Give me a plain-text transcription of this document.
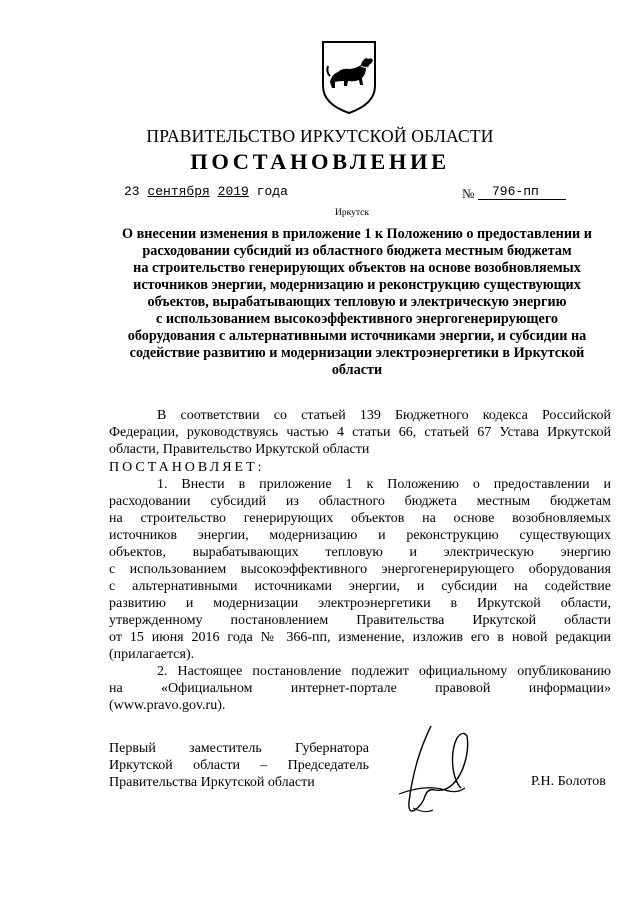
ПРАВИТЕЛЬСТВО ИРКУТСКОЙ ОБЛАСТИ
ПОСТАНОВЛЕНИЕ
23 сентября 2019 года	№	796-пп
Иркутск
О внесении изменения в приложение 1 к Положению о предоставлении и
расходовании субсидий из областного бюджета местным бюджетам
на строительство генерирующих объектов на основе возобновляемых
источников энергии, модернизацию и реконструкцию существующих
объектов, вырабатывающих тепловую и электрическую энергию
с использованием высокоэффективного энергогенерирующего
оборудования с альтернативными источниками энергии, и субсидии на
содействие развитию и модернизации электроэнергетики в Иркутской
области
В соответствии со статьей 139 Бюджетного кодекса Российской
Федерации, руководствуясь частью 4 статьи 66, статьей 67 Устава Иркутской
области, Правительство Иркутской области
ПОСТАНОВЛЯЕТ:
1. Внести в приложение 1 к Положению о предоставлении и
расходовании субсидий из областного бюджета местным бюджетам
на строительство генерирующих объектов на основе возобновляемых
источников энергии, модернизацию и реконструкцию существующих
объектов, вырабатывающих тепловую и электрическую энергию
с использованием высокоэффективного энергогенерирующего оборудования
с альтернативными источниками энергии, и субсидии на содействие
развитию и модернизации электроэнергетики в Иркутской области,
утвержденному постановлением Правительства Иркутской области
от 15 июня 2016 года № 366-пп, изменение, изложив его в новой редакции
(прилагается).
2. Настоящее постановление подлежит официальному опубликованию
на «Официальном интернет-портале правовой информации»
(www.pravo.gov.ru).
Первый заместитель Губернатора
Иркутской области – Председатель
Правительства Иркутской области	Р.Н. Болотов
